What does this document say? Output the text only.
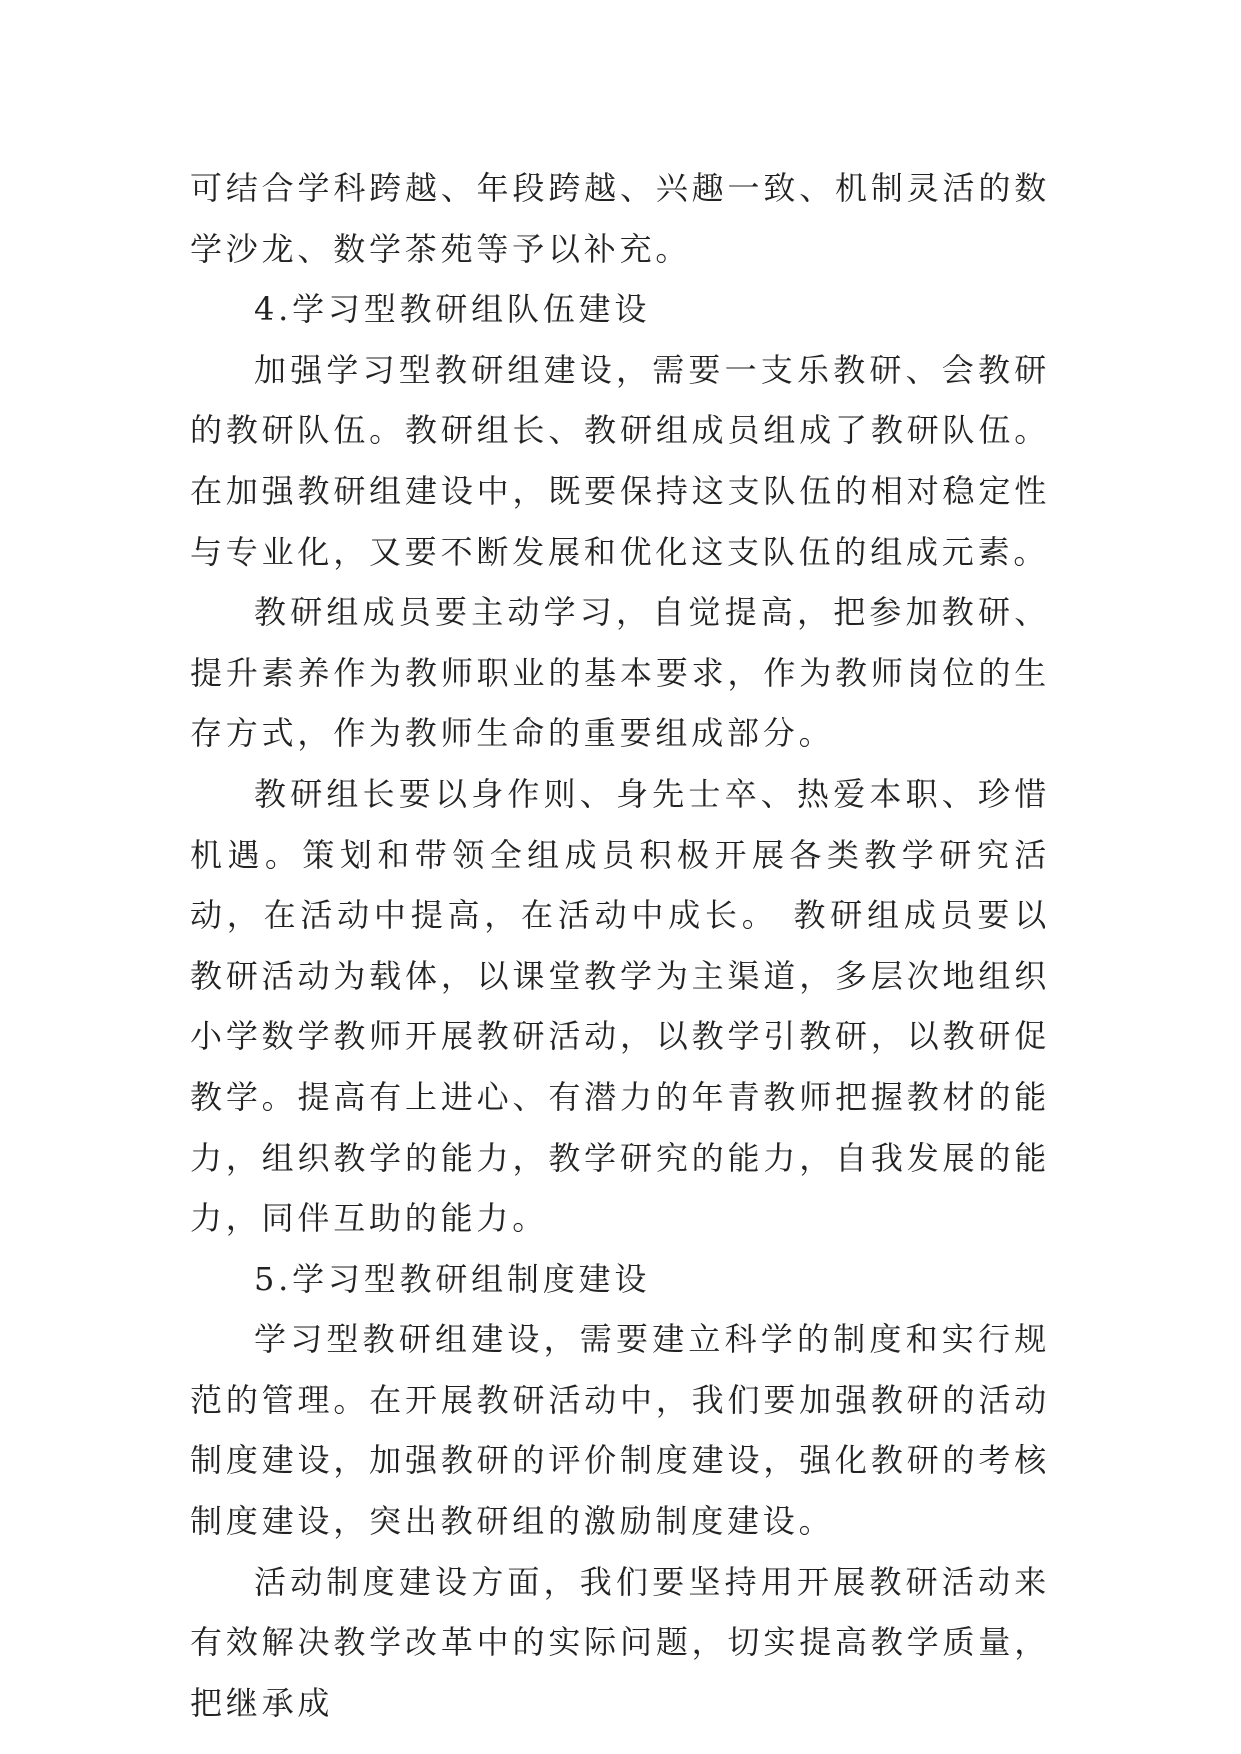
可结合学科跨越、年段跨越、兴趣一致、机制灵活的数学沙龙、数学茶苑等予以补充。

4.学习型教研组队伍建设

加强学习型教研组建设，需要一支乐教研、会教研的教研队伍。教研组长、教研组成员组成了教研队伍。在加强教研组建设中，既要保持这支队伍的相对稳定性与专业化，又要不断发展和优化这支队伍的组成元素。

教研组成员要主动学习，自觉提高，把参加教研、提升素养作为教师职业的基本要求，作为教师岗位的生存方式，作为教师生命的重要组成部分。

教研组长要以身作则、身先士卒、热爱本职、珍惜机遇。策划和带领全组成员积极开展各类教学研究活动，在活动中提高，在活动中成长。 教研组成员要以教研活动为载体，以课堂教学为主渠道，多层次地组织小学数学教师开展教研活动，以教学引教研，以教研促教学。提高有上进心、有潜力的年青教师把握教材的能力，组织教学的能力，教学研究的能力，自我发展的能力，同伴互助的能力。

5.学习型教研组制度建设

学习型教研组建设，需要建立科学的制度和实行规范的管理。在开展教研活动中，我们要加强教研的活动制度建设，加强教研的评价制度建设，强化教研的考核制度建设，突出教研组的激励制度建设。

活动制度建设方面，我们要坚持用开展教研活动来有效解决教学改革中的实际问题，切实提高教学质量，把继承成
